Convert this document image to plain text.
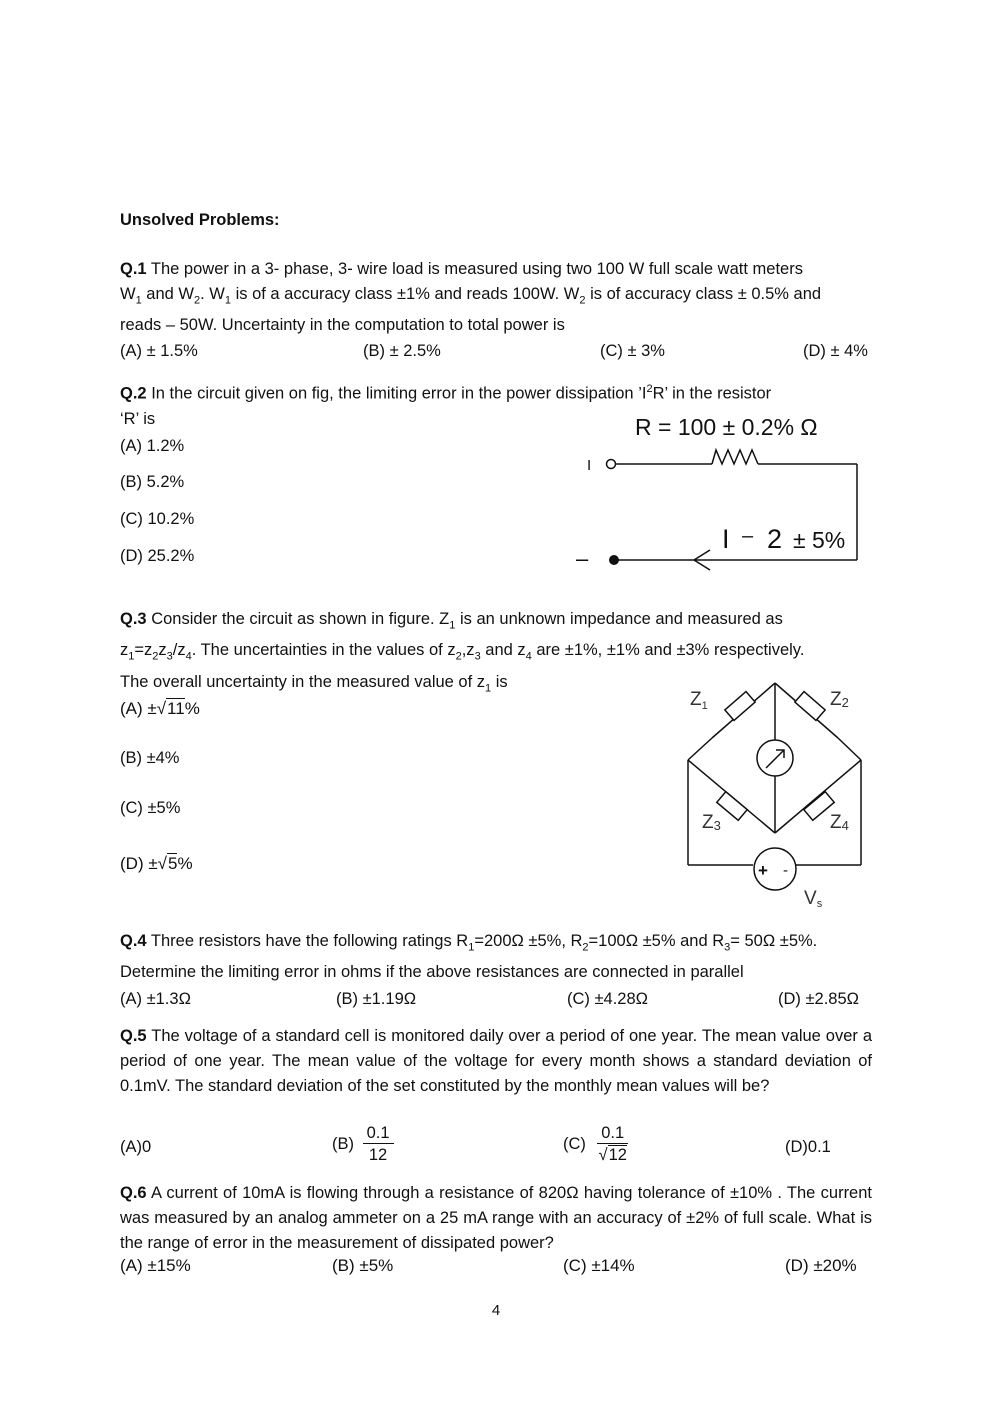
Unsolved Problems:
Q.1 The power in a 3- phase, 3- wire load is measured using two 100 W full scale watt meters
$W_1$ and $W_2$. $W_1$ is of a accuracy class ±1% and reads 100W. $W_2$ is of accuracy class ± 0.5% and
reads – 50W. Uncertainty in the computation to total power is
(A) ± 1.5%	(B) ± 2.5%	(C) ± 3%	(D) ± 4%
Q.2 In the circuit given on fig, the limiting error in the power dissipation $’I^2R$’ in the resistor
‘R’ is
(A) 1.2%
(B) 5.2%
(C) 10.2%
(D) 25.2%
R = 100 ± 0.2% Ω
I
–
I – 2 ± 5%
Q.3 Consider the circuit as shown in figure. $Z_1$ is an unknown impedance and measured as
$z_1=z_2z_3/z_4$. The uncertainties in the values of $z_2,z_3$ and $z_4$ are ±1%, ±1% and ±3% respectively.
The overall uncertainty in the measured value of $z_1$ is
(A) ±√11%
(B) ±4%
(C) ±5%
(D) ±√5%	+ -
$Z_1$	Z2
Z3	Z4
Vs
Q.4 Three resistors have the following ratings $R_1=200\Omega \pm 5\%$, $R_2=100\Omega \pm 5\%$ and $R_3= 50\Omega \pm 5\%$.
Determine the limiting error in ohms if the above resistances are connected in parallel
(A) ±1.3Ω	(B) ±1.19Ω	(C) ±4.28Ω	(D) ±2.85Ω
Q.5 The voltage of a standard cell is monitored daily over a period of one year. The mean value over a period of one year. The mean value of the voltage for every month shows a standard deviation of 0.1mV. The standard deviation of the set constituted by the monthly mean values will be?
(A)0	$(B) \frac{0.1}{12}$	$(C) \frac{0.1}{√12}$	(D)0.1
Q.6 A current of 10mA is flowing through a resistance of 820Ω having tolerance of ±10% . The current was measured by an analog ammeter on a 25 mA range with an accuracy of ±2% of full scale. What is the range of error in the measurement of dissipated power?
(A) ±15%	(B) ±5%	(C) ±14%	(D) ±20%
4
